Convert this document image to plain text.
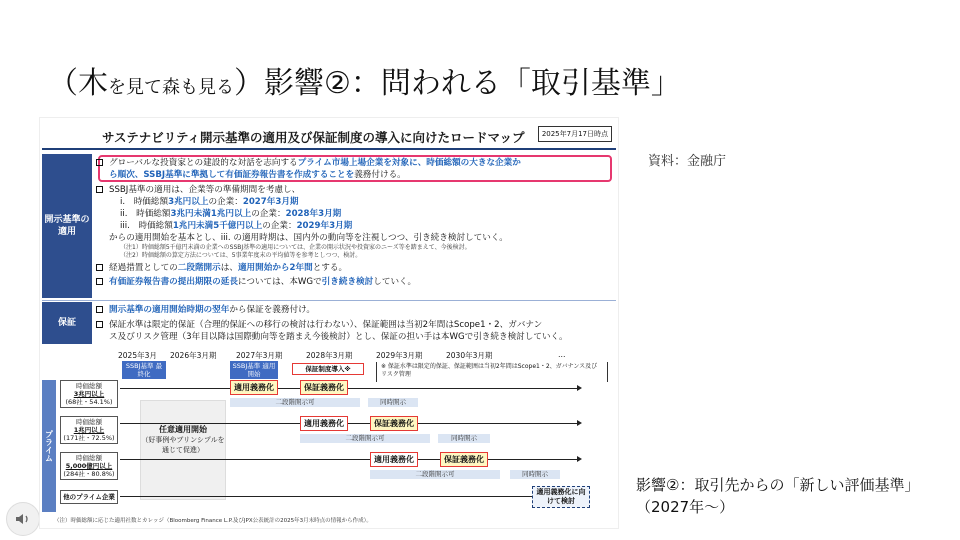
（木を見て森も見る）影響②：問われる「取引基準」
資料：金融庁
影響②：取引先からの「新しい評価基準」（2027年〜）
サステナビリティ開示基準の適用及び保証制度の導入に向けたロードマップ	2025年7月17日時点
開示基準の適用
グローバルな投資家との建設的な対話を志向するプライム市場上場企業を対象に、時価総額の大きな企業か
ら順次、SSBJ基準に準拠して有価証券報告書を作成することを義務付ける。
SSBJ基準の適用は、企業等の準備期間を考慮し、
i.　時価総額3兆円以上の企業：2027年3月期
ii.　時価総額3兆円未満1兆円以上の企業：2028年3月期
iii.　時価総額1兆円未満5千億円以上の企業：2029年3月期
からの適用開始を基本とし、iii. の適用時期は、国内外の動向等を注視しつつ、引き続き検討していく。
（注1）時価総額5千億円未満の企業へのSSBJ基準の適用については、企業の開示状況や投資家のニーズ等を踏まえて、今後検討。
（注2）時価総額の算定方法については、5事業年度末の平均値等を参考としつつ、検討。
経過措置としての二段階開示は、適用開始から2年間とする。
有価証券報告書の提出期限の延長については、本WGで引き続き検討していく。
保証
開示基準の適用開始時期の翌年から保証を義務付け。
保証水準は限定的保証（合理的保証への移行の検討は行わない）、保証範囲は当初2年間はScope1・2、ガバナン
ス及びリスク管理（3年目以降は国際動向等を踏まえ今後検討）とし、保証の担い手は本WGで引き続き検討していく。
2025年3月 2026年3月期	2027年3月期	2028年3月期	2029年3月期	2030年3月期	…
SSBJ基準 最終化
SSBJ基準 適用開始
保証制度導入※	※ 保証水準は限定的保証、保証範囲は当初2年間はScope1・2、ガバナンス及びリスク管理
プライム
時価総額
3兆円以上
(68社・54.1%)
時価総額
1兆円以上
(171社・72.5%)
時価総額
5,000億円以上
(284社・80.8%)
他のプライム企業
任意適用開始
（好事例やブリンシプルを通じて促進）
適用義務化	保証義務化
二段階開示可	同時開示
適用義務化	保証義務化
二段階開示可	同時開示
適用義務化	保証義務化
二段階開示可	同時開示
適用義務化に向けて検討
（注）時価総額に応じた適用社数とカレッジ（Bloomberg Finance L.P.及びJPX公表統計の2025年3月末時点の情報から作成）。
